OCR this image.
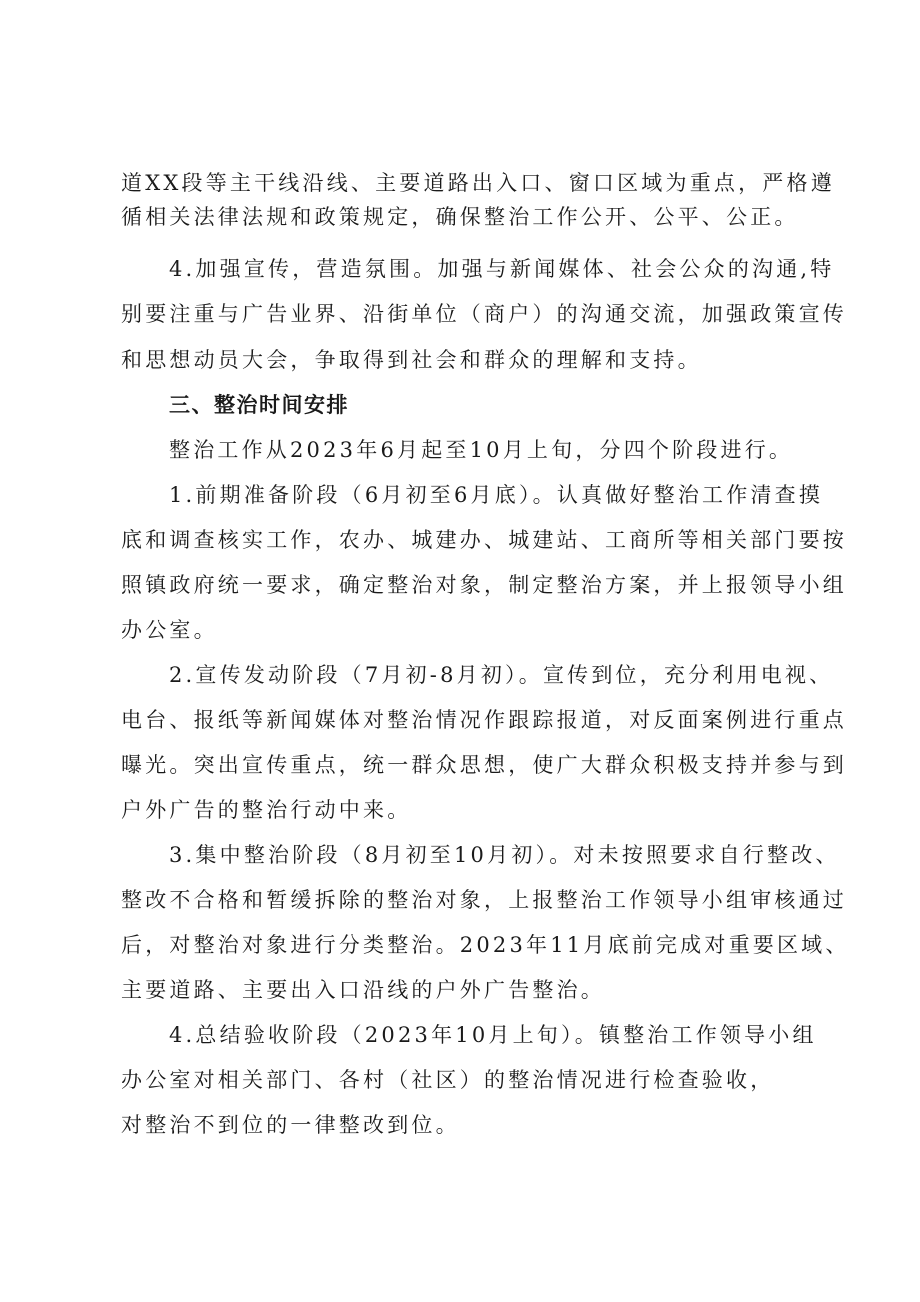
道XX段等主干线沿线、主要道路出入口、窗口区域为重点，严格遵
循相关法律法规和政策规定，确保整治工作公开、公平、公正。
4.加强宣传，营造氛围。加强与新闻媒体、社会公众的沟通,特
别要注重与广告业界、沿街单位（商户）的沟通交流，加强政策宣传
和思想动员大会，争取得到社会和群众的理解和支持。
三、整治时间安排
整治工作从2023年6月起至10月上旬，分四个阶段进行。
1.前期准备阶段（6月初至6月底）。认真做好整治工作清查摸
底和调查核实工作，农办、城建办、城建站、工商所等相关部门要按
照镇政府统一要求，确定整治对象，制定整治方案，并上报领导小组
办公室。
2.宣传发动阶段（7月初-8月初）。宣传到位，充分利用电视、
电台、报纸等新闻媒体对整治情况作跟踪报道，对反面案例进行重点
曝光。突出宣传重点，统一群众思想，使广大群众积极支持并参与到
户外广告的整治行动中来。
3.集中整治阶段（8月初至10月初）。对未按照要求自行整改、
整改不合格和暂缓拆除的整治对象，上报整治工作领导小组审核通过
后，对整治对象进行分类整治。2023年11月底前完成对重要区域、
主要道路、主要出入口沿线的户外广告整治。
4.总结验收阶段（2023年10月上旬）。镇整治工作领导小组
办公室对相关部门、各村（社区）的整治情况进行检查验收，
对整治不到位的一律整改到位。
